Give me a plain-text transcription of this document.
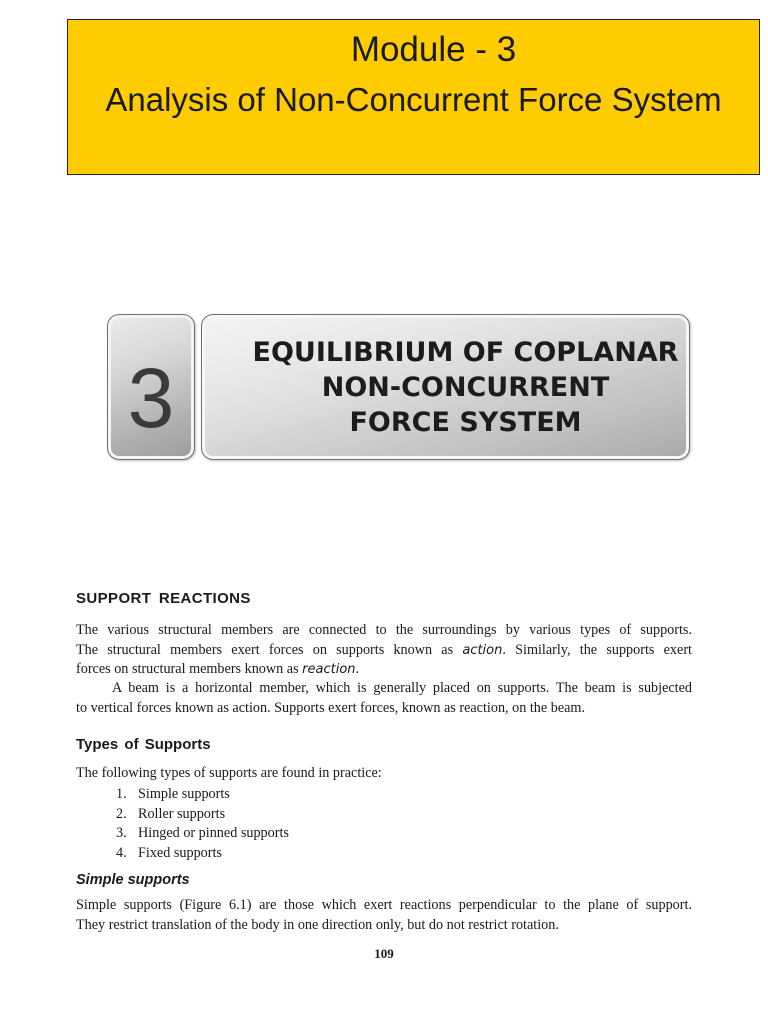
Module - 3
Analysis of Non-Concurrent Force System
3	EQUILIBRIUM OF COPLANAR
NON-CONCURRENT
FORCE SYSTEM
SUPPORT REACTIONS
The various structural members are connected to the surroundings by various types of supports.
The structural members exert forces on supports known as action. Similarly, the supports exert
forces on structural members known as reaction.
A beam is a horizontal member, which is generally placed on supports. The beam is subjected
to vertical forces known as action. Supports exert forces, known as reaction, on the beam.
Types of Supports
The following types of supports are found in practice:
1. Simple supports
2. Roller supports
3. Hinged or pinned supports
4. Fixed supports
Simple supports
Simple supports (Figure 6.1) are those which exert reactions perpendicular to the plane of support.
They restrict translation of the body in one direction only, but do not restrict rotation.
109
